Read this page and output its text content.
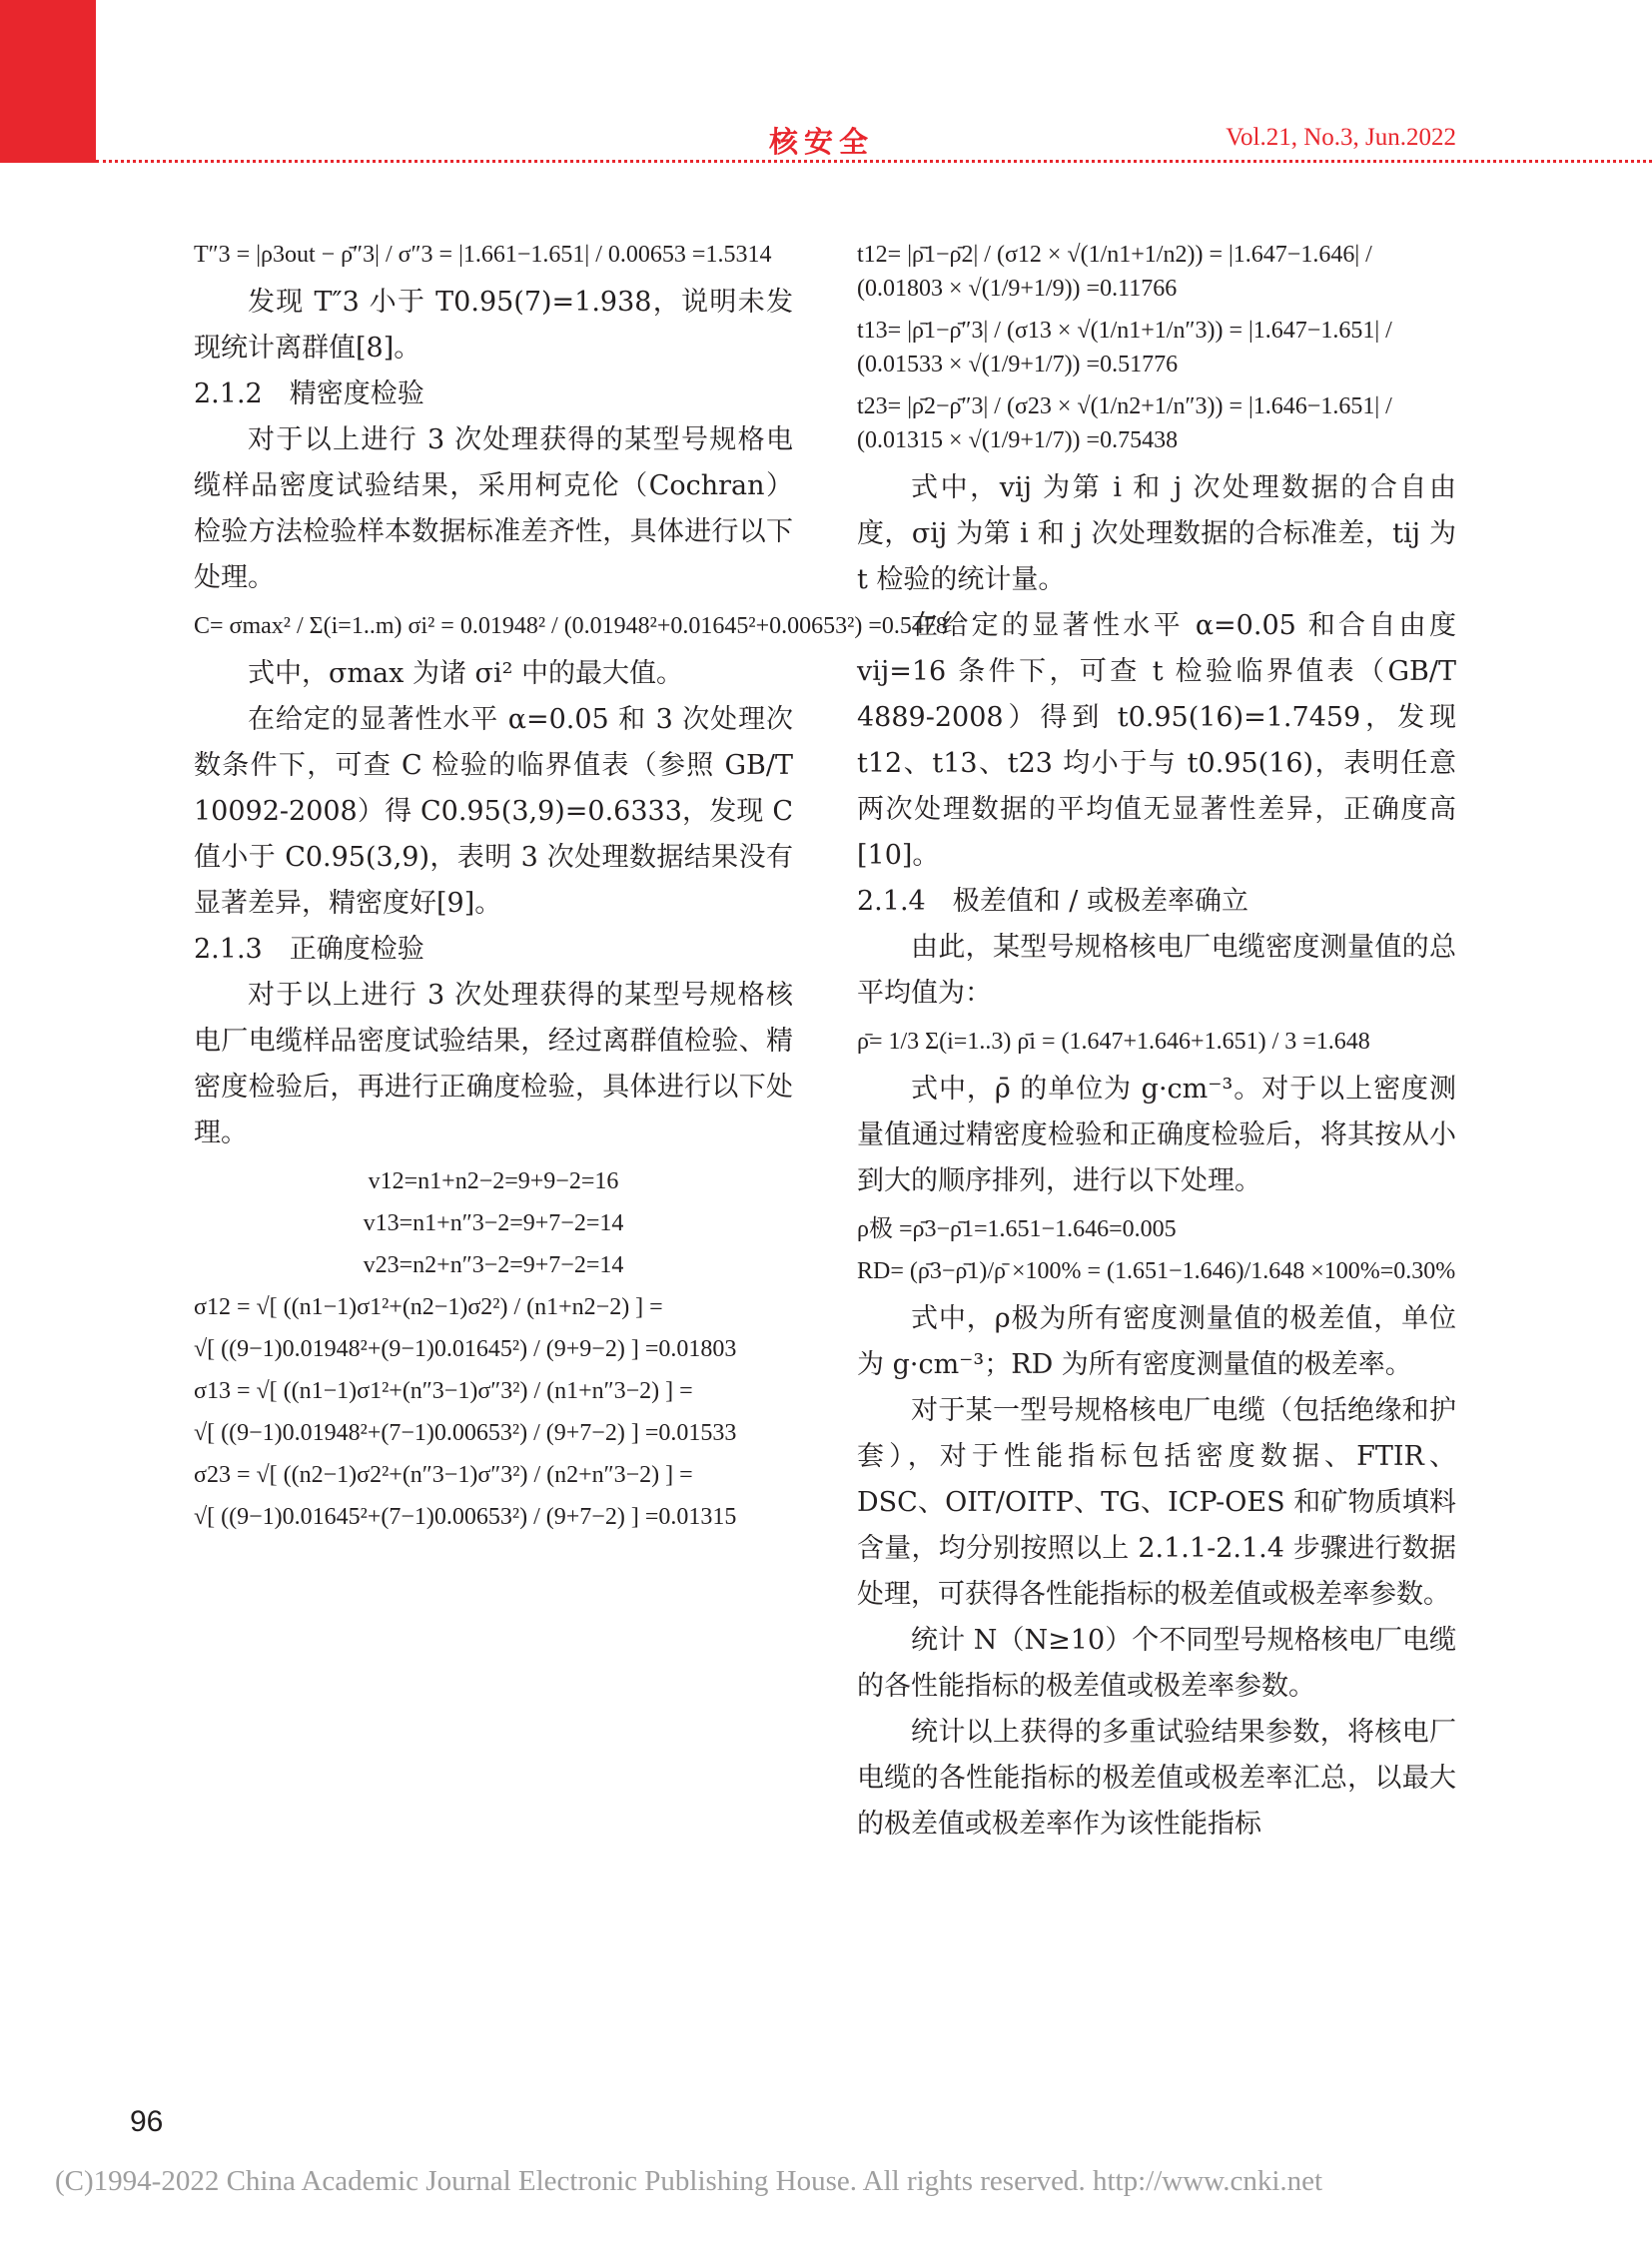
核安全	Vol.21, No.3, Jun.2022
T″3 = |ρ3out − ρ̄″3| / σ″3 = |1.661−1.651| / 0.00653 =1.5314

发现 T″3 小于 T0.95(7)=1.938，说明未发现统计离群值[8]。

2.1.2　精密度检验

对于以上进行 3 次处理获得的某型号规格电缆样品密度试验结果，采用柯克伦（Cochran）检验方法检验样本数据标准差齐性，具体进行以下处理。

C= σmax² / Σ(i=1..m) σi² = 0.01948² / (0.01948²+0.01645²+0.00653²) =0.5478

式中，σmax 为诸 σi² 中的最大值。

在给定的显著性水平 α=0.05 和 3 次处理次数条件下，可查 C 检验的临界值表（参照 GB/T 10092-2008）得 C0.95(3,9)=0.6333，发现 C 值小于 C0.95(3,9)，表明 3 次处理数据结果没有显著差异，精密度好[9]。

2.1.3　正确度检验

对于以上进行 3 次处理获得的某型号规格核电厂电缆样品密度试验结果，经过离群值检验、精密度检验后，再进行正确度检验，具体进行以下处理。

v12=n1+n2−2=9+9−2=16
v13=n1+n″3−2=9+7−2=14
v23=n2+n″3−2=9+7−2=14
σ12 = √[ ((n1−1)σ1²+(n2−1)σ2²) / (n1+n2−2) ] =
√[ ((9−1)0.01948²+(9−1)0.01645²) / (9+9−2) ] =0.01803
σ13 = √[ ((n1−1)σ1²+(n″3−1)σ″3²) / (n1+n″3−2) ] =
√[ ((9−1)0.01948²+(7−1)0.00653²) / (9+7−2) ] =0.01533
σ23 = √[ ((n2−1)σ2²+(n″3−1)σ″3²) / (n2+n″3−2) ] =
√[ ((9−1)0.01645²+(7−1)0.00653²) / (9+7−2) ] =0.01315
t12= |ρ̄1−ρ̄2| / (σ12 × √(1/n1+1/n2)) = |1.647−1.646| / (0.01803 × √(1/9+1/9)) =0.11766
t13= |ρ̄1−ρ̄″3| / (σ13 × √(1/n1+1/n″3)) = |1.647−1.651| / (0.01533 × √(1/9+1/7)) =0.51776
t23= |ρ̄2−ρ̄″3| / (σ23 × √(1/n2+1/n″3)) = |1.646−1.651| / (0.01315 × √(1/9+1/7)) =0.75438

式中，vij 为第 i 和 j 次处理数据的合自由度，σij 为第 i 和 j 次处理数据的合标准差，tij 为 t 检验的统计量。

在给定的显著性水平 α=0.05 和合自由度 vij=16 条件下，可查 t 检验临界值表（GB/T 4889-2008）得到 t0.95(16)=1.7459，发现 t12、t13、t23 均小于与 t0.95(16)，表明任意两次处理数据的平均值无显著性差异，正确度高[10]。

2.1.4　极差值和 / 或极差率确立

由此，某型号规格核电厂电缆密度测量值的总平均值为：

ρ̄= 1/3 Σ(i=1..3) ρ̄i = (1.647+1.646+1.651) / 3 =1.648

式中，ρ̄ 的单位为 g·cm⁻³。对于以上密度测量值通过精密度检验和正确度检验后，将其按从小到大的顺序排列，进行以下处理。

ρ极 =ρ̄3−ρ̄1=1.651−1.646=0.005
RD= (ρ̄3−ρ̄1)/ρ̄ ×100% = (1.651−1.646)/1.648 ×100%=0.30%

式中，ρ极为所有密度测量值的极差值，单位为 g·cm⁻³；RD 为所有密度测量值的极差率。

对于某一型号规格核电厂电缆（包括绝缘和护套），对于性能指标包括密度数据、FTIR、DSC、OIT/OITP、TG、ICP-OES 和矿物质填料含量，均分别按照以上 2.1.1-2.1.4 步骤进行数据处理，可获得各性能指标的极差值或极差率参数。

统计 N（N≥10）个不同型号规格核电厂电缆的各性能指标的极差值或极差率参数。

统计以上获得的多重试验结果参数，将核电厂电缆的各性能指标的极差值或极差率汇总，以最大的极差值或极差率作为该性能指标

96
(C)1994-2022 China Academic Journal Electronic Publishing House. All rights reserved. http://www.cnki.net
